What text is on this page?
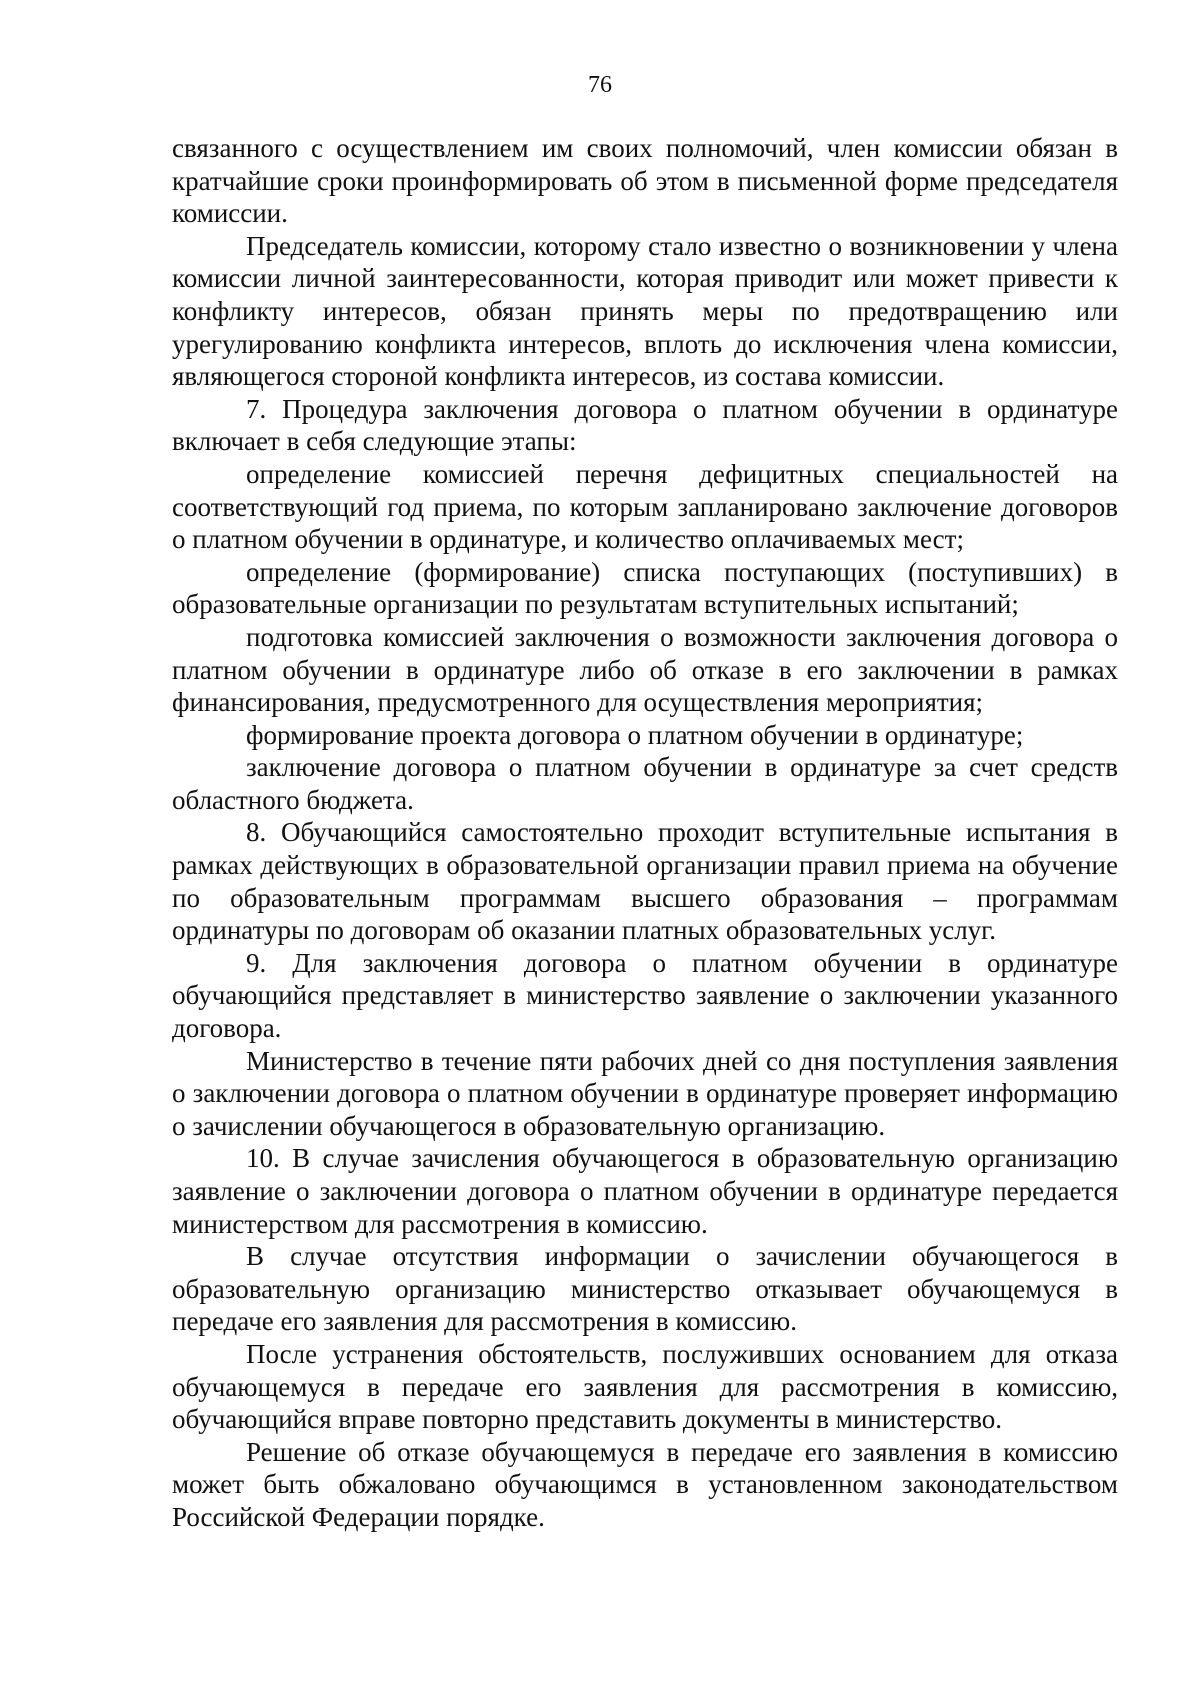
76

связанного с осуществлением им своих полномочий, член комиссии обязан в кратчайшие сроки проинформировать об этом в письменной форме председателя комиссии.

Председатель комиссии, которому стало известно о возникновении у члена комиссии личной заинтересованности, которая приводит или может привести к конфликту интересов, обязан принять меры по предотвращению или урегулированию конфликта интересов, вплоть до исключения члена комиссии, являющегося стороной конфликта интересов, из состава комиссии.

7. Процедура заключения договора о платном обучении в ординатуре включает в себя следующие этапы:

определение комиссией перечня дефицитных специальностей на соответствующий год приема, по которым запланировано заключение договоров о платном обучении в ординатуре, и количество оплачиваемых мест;

определение (формирование) списка поступающих (поступивших) в образовательные организации по результатам вступительных испытаний;

подготовка комиссией заключения о возможности заключения договора о платном обучении в ординатуре либо об отказе в его заключении в рамках финансирования, предусмотренного для осуществления мероприятия;

формирование проекта договора о платном обучении в ординатуре;

заключение договора о платном обучении в ординатуре за счет средств областного бюджета.

8. Обучающийся самостоятельно проходит вступительные испытания в рамках действующих в образовательной организации правил приема на обучение по образовательным программам высшего образования – программам ординатуры по договорам об оказании платных образовательных услуг.

9. Для заключения договора о платном обучении в ординатуре обучающийся представляет в министерство заявление о заключении указанного договора.

Министерство в течение пяти рабочих дней со дня поступления заявления о заключении договора о платном обучении в ординатуре проверяет информацию о зачислении обучающегося в образовательную организацию.

10. В случае зачисления обучающегося в образовательную организацию заявление о заключении договора о платном обучении в ординатуре передается министерством для рассмотрения в комиссию.

В случае отсутствия информации о зачислении обучающегося в образовательную организацию министерство отказывает обучающемуся в передаче его заявления для рассмотрения в комиссию.

После устранения обстоятельств, послуживших основанием для отказа обучающемуся в передаче его заявления для рассмотрения в комиссию, обучающийся вправе повторно представить документы в министерство.

Решение об отказе обучающемуся в передаче его заявления в комиссию может быть обжаловано обучающимся в установленном законодательством Российской Федерации порядке.
